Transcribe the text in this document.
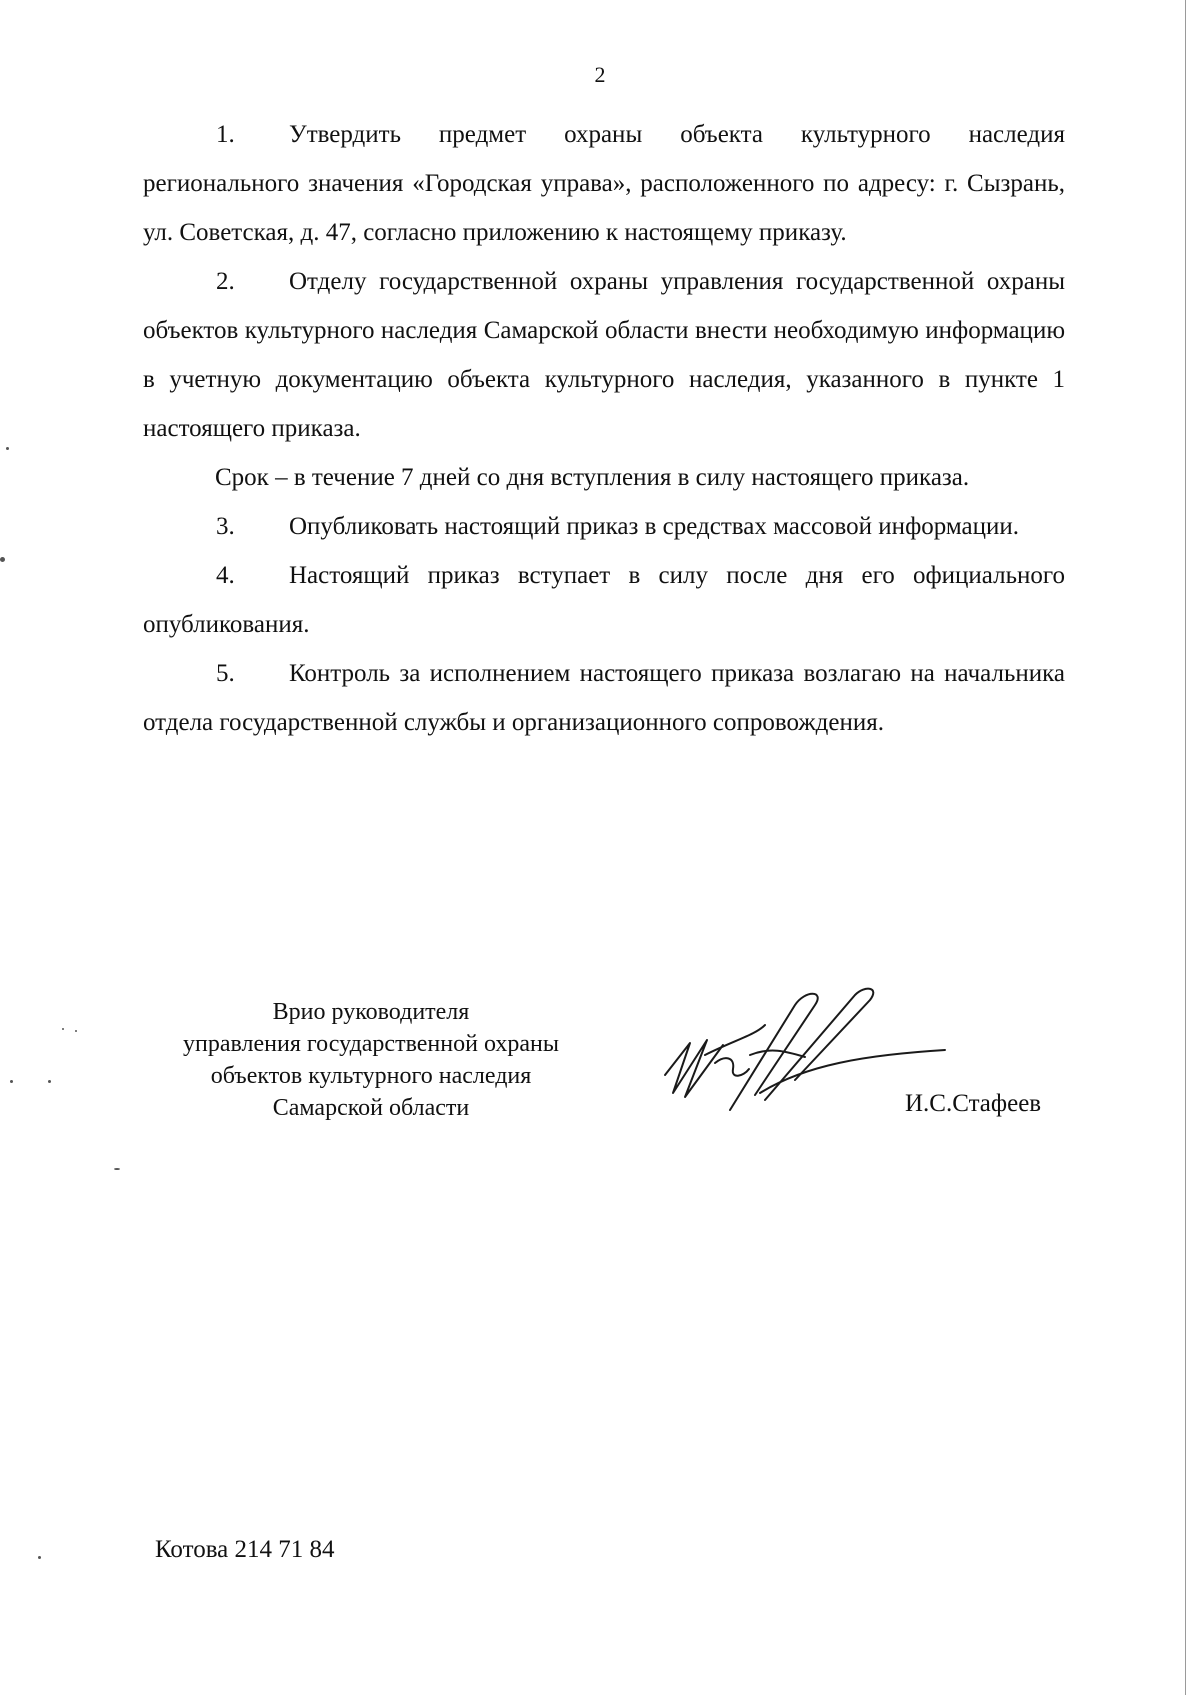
2

1. Утвердить предмет охраны объекта культурного наследия регионального значения «Городская управа», расположенного по адресу: г. Сызрань, ул. Советская, д. 47, согласно приложению к настоящему приказу.

2. Отделу государственной охраны управления государственной охраны объектов культурного наследия Самарской области внести необходимую информацию в учетную документацию объекта культурного наследия, указанного в пункте 1 настоящего приказа.

Срок – в течение 7 дней со дня вступления в силу настоящего приказа.

3. Опубликовать настоящий приказ в средствах массовой информации.

4. Настоящий приказ вступает в силу после дня его официального опубликования.

5. Контроль за исполнением настоящего приказа возлагаю на начальника отдела государственной службы и организационного сопровождения.

Врио руководителя
управления государственной охраны
объектов культурного наследия
Самарской области	И.С.Стафеев
Котова 214 71 84
